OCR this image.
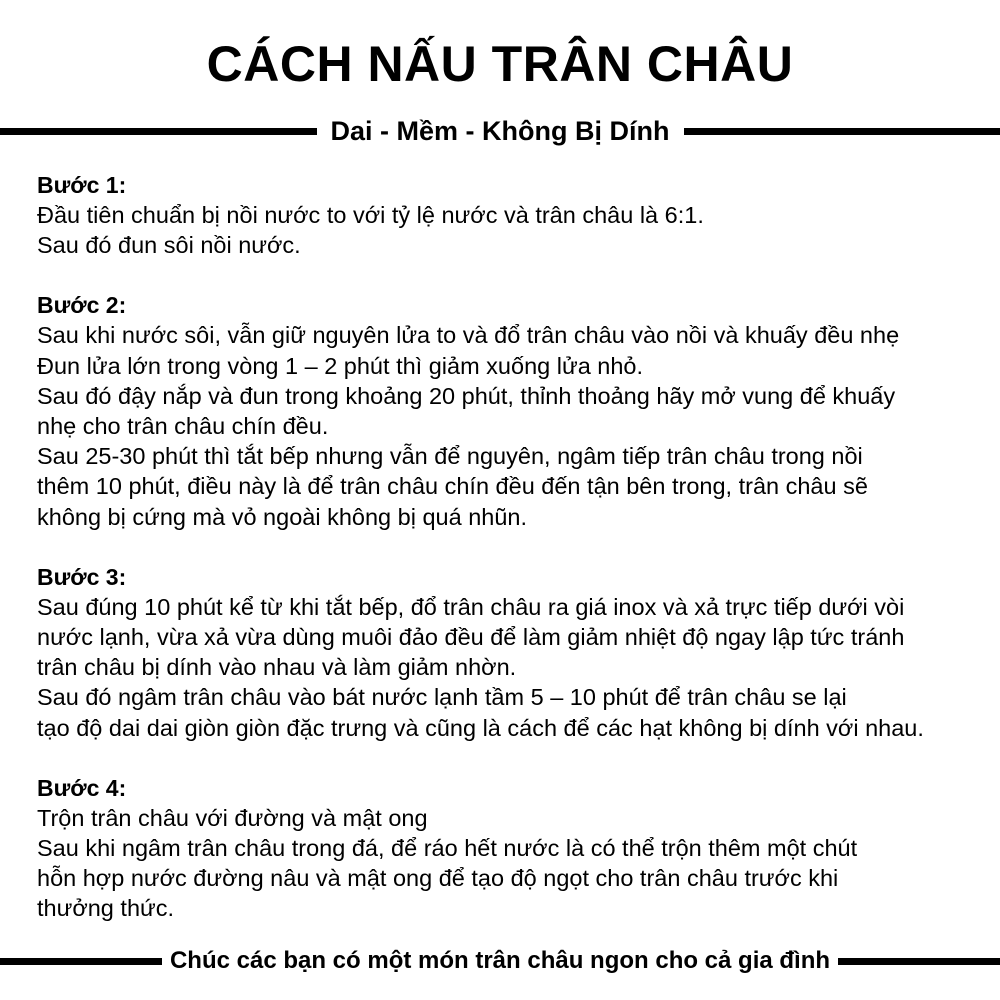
CÁCH NẤU TRÂN CHÂU
Dai - Mềm - Không Bị Dính
Bước 1:
Đầu tiên chuẩn bị nồi nước to với tỷ lệ nước và trân châu là 6:1.
Sau đó đun sôi nồi nước.
Bước 2:
Sau khi nước sôi, vẫn giữ nguyên lửa to và đổ trân châu vào nồi và khuấy đều nhẹ
Đun lửa lớn trong vòng 1 – 2 phút thì giảm xuống lửa nhỏ.
Sau đó đậy nắp và đun trong khoảng 20 phút, thỉnh thoảng hãy mở vung để khuấy
nhẹ cho trân châu chín đều.
Sau 25-30 phút thì tắt bếp nhưng vẫn để nguyên, ngâm tiếp trân châu trong nồi
thêm 10 phút, điều này là để trân châu chín đều đến tận bên trong, trân châu sẽ
không bị cứng mà vỏ ngoài không bị quá nhũn.
Bước 3:
Sau đúng 10 phút kể từ khi tắt bếp, đổ trân châu ra giá inox và xả trực tiếp dưới vòi
nước lạnh, vừa xả vừa dùng muôi đảo đều để làm giảm nhiệt độ ngay lập tức tránh
trân châu bị dính vào nhau và làm giảm nhờn.
Sau đó ngâm trân châu vào bát nước lạnh tầm 5 – 10 phút để trân châu se lại
tạo độ dai dai giòn giòn đặc trưng và cũng là cách để các hạt không bị dính với nhau.
Bước 4:
Trộn trân châu với đường và mật ong
Sau khi ngâm trân châu trong đá, để ráo hết nước là có thể trộn thêm một chút
hỗn hợp nước đường nâu và mật ong để tạo độ ngọt cho trân châu trước khi
thưởng thức.
Chúc các bạn có một món trân châu ngon cho cả gia đình
